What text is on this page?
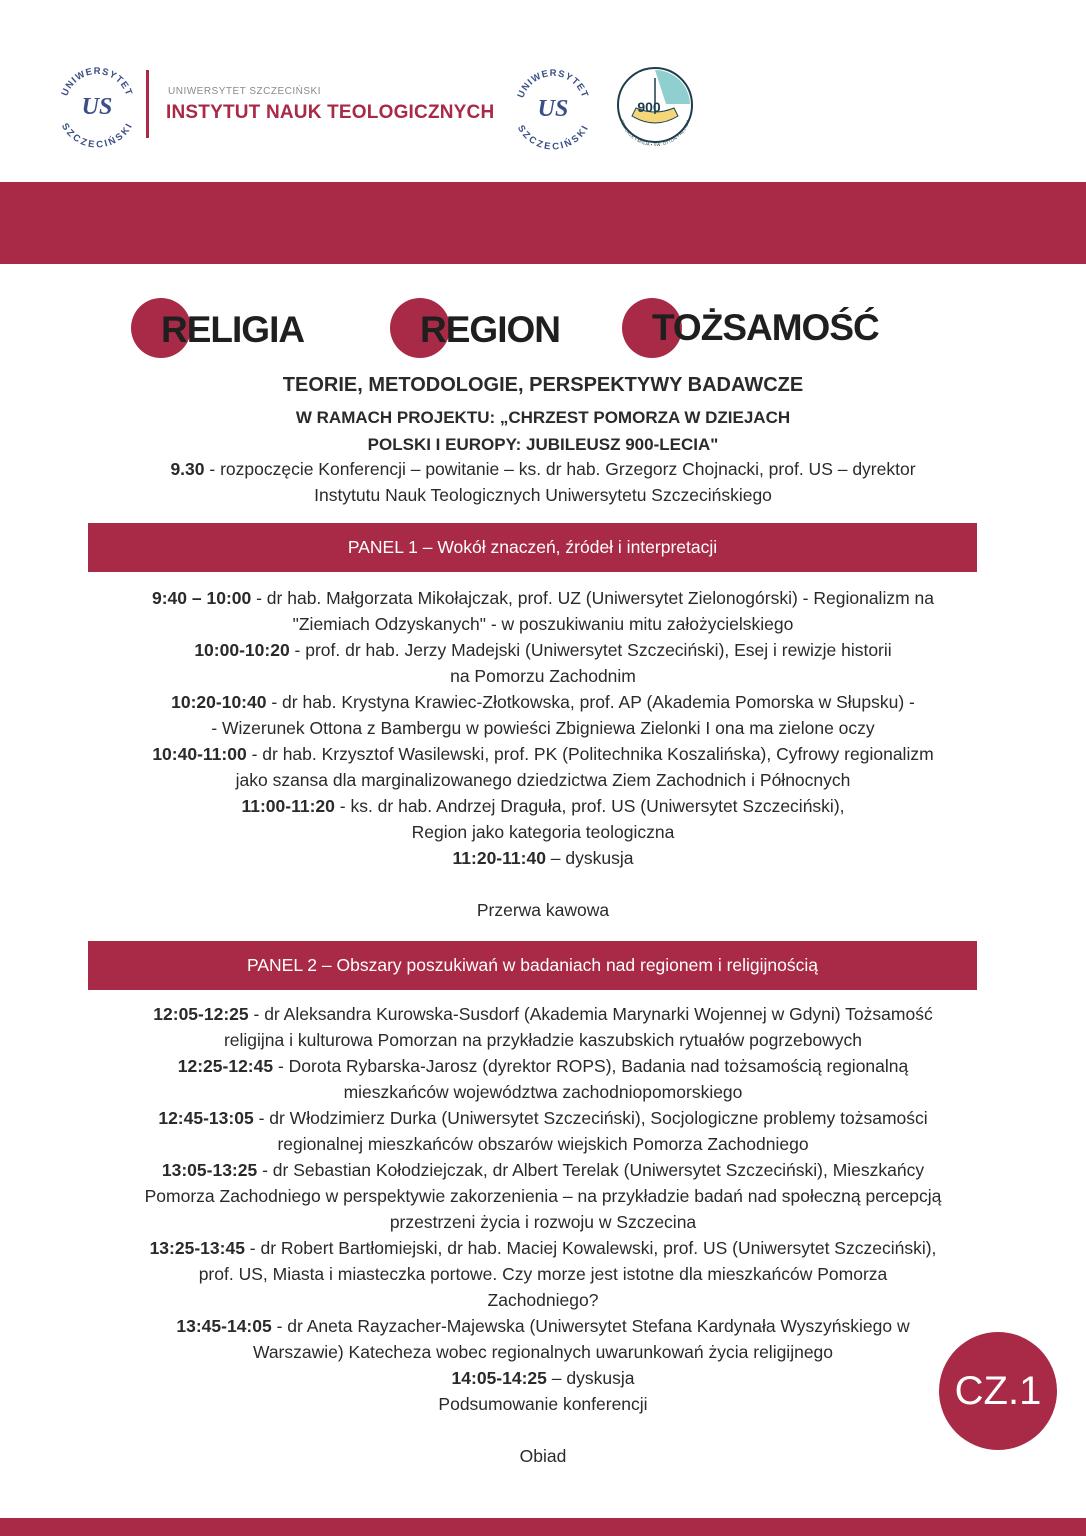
UNIWERSYTET
SZCZECIŃSKI
US
UNIWERSYTET SZCZECIŃSKI
INSTYTUT NAUK TEOLOGICZNYCH
UNIWERSYTET
SZCZECIŃSKI
US	900
POMORZE • MISJA • ŚW. OTTON • RELIGIA
RELIGIA	REGION TOŻSAMOŚĆ
TEORIE, METODOLOGIE, PERSPEKTYWY BADAWCZE
W RAMACH PROJEKTU: „CHRZEST POMORZA W DZIEJACH
POLSKI I EUROPY: JUBILEUSZ 900-LECIA"
9.30 - rozpoczęcie Konferencji – powitanie – ks. dr hab. Grzegorz Chojnacki, prof. US – dyrektor
Instytutu Nauk Teologicznych Uniwersytetu Szczecińskiego
PANEL 1 – Wokół znaczeń, źródeł i interpretacji

9:40 – 10:00 - dr hab. Małgorzata Mikołajczak, prof. UZ (Uniwersytet Zielonogórski) - Regionalizm na

"Ziemiach Odzyskanych" - w poszukiwaniu mitu założycielskiego

10:00-10:20 - prof. dr hab. Jerzy Madejski (Uniwersytet Szczeciński), Esej i rewizje historii

na Pomorzu Zachodnim

10:20-10:40 - dr hab. Krystyna Krawiec-Złotkowska, prof. AP (Akademia Pomorska w Słupsku) -

- Wizerunek Ottona z Bambergu w powieści Zbigniewa Zielonki I ona ma zielone oczy

10:40-11:00 - dr hab. Krzysztof Wasilewski, prof. PK (Politechnika Koszalińska), Cyfrowy regionalizm

jako szansa dla marginalizowanego dziedzictwa Ziem Zachodnich i Północnych

11:00-11:20 - ks. dr hab. Andrzej Draguła, prof. US (Uniwersytet Szczeciński),

Region jako kategoria teologiczna

11:20-11:40 – dyskusja

Przerwa kawowa

PANEL 2 – Obszary poszukiwań w badaniach nad regionem i religijnością

12:05-12:25 - dr Aleksandra Kurowska-Susdorf (Akademia Marynarki Wojennej w Gdyni) Tożsamość

religijna i kulturowa Pomorzan na przykładzie kaszubskich rytuałów pogrzebowych

12:25-12:45 - Dorota Rybarska-Jarosz (dyrektor ROPS), Badania nad tożsamością regionalną

mieszkańców województwa zachodniopomorskiego

12:45-13:05 - dr Włodzimierz Durka (Uniwersytet Szczeciński), Socjologiczne problemy tożsamości

regionalnej mieszkańców obszarów wiejskich Pomorza Zachodniego

13:05-13:25 - dr Sebastian Kołodziejczak, dr Albert Terelak (Uniwersytet Szczeciński), Mieszkańcy

Pomorza Zachodniego w perspektywie zakorzenienia – na przykładzie badań nad społeczną percepcją

przestrzeni życia i rozwoju w Szczecina

13:25-13:45 - dr Robert Bartłomiejski, dr hab. Maciej Kowalewski, prof. US (Uniwersytet Szczeciński),

prof. US, Miasta i miasteczka portowe. Czy morze jest istotne dla mieszkańców Pomorza

Zachodniego?

13:45-14:05 - dr Aneta Rayzacher-Majewska (Uniwersytet Stefana Kardynała Wyszyńskiego w

Warszawie) Katecheza wobec regionalnych uwarunkowań życia religijnego

14:05-14:25 – dyskusja

Podsumowanie konferencji

Obiad

CZ.1
